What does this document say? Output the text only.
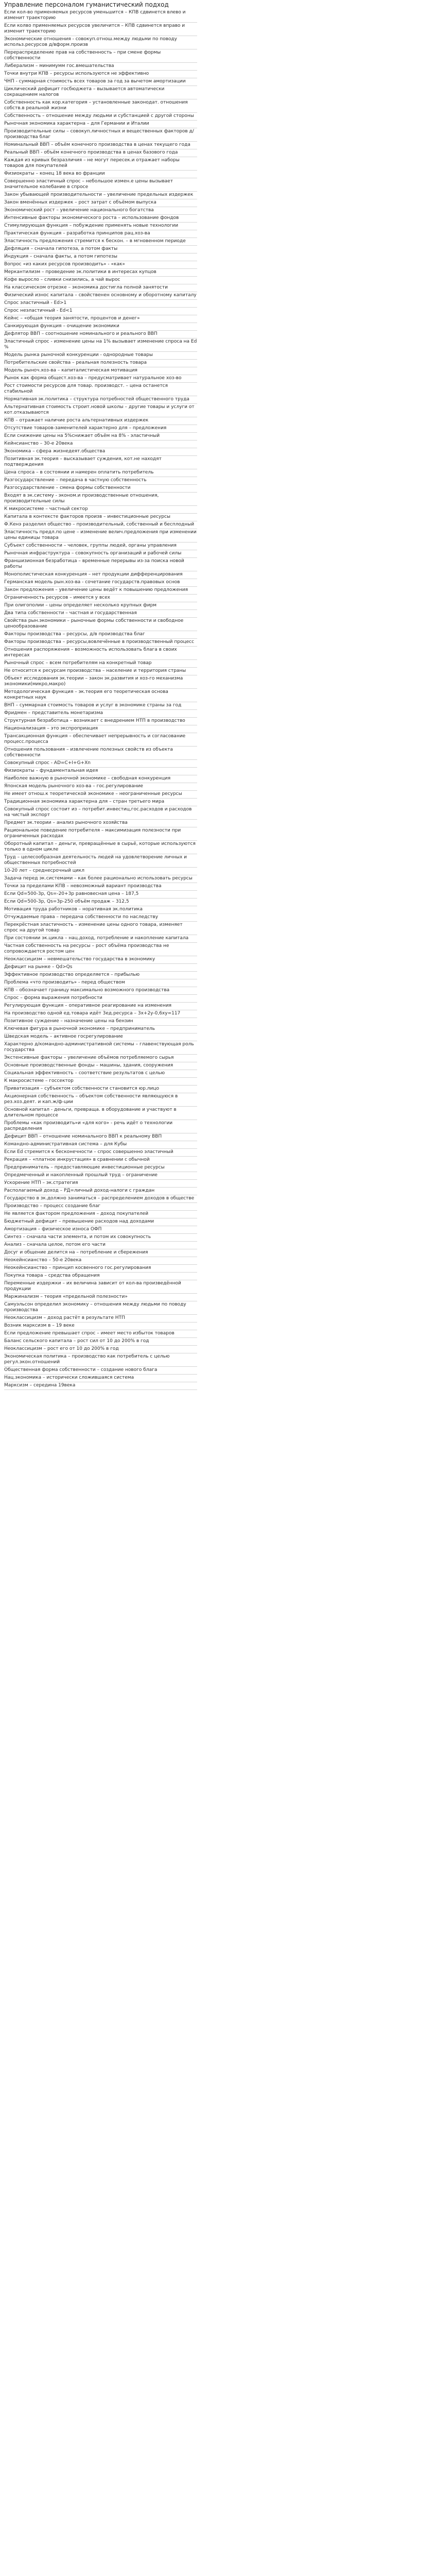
Управление персоналом гуманистический подход
Если кол-во применяемых ресурсов уменьшится – КПВ сдвинется влево и изменит траекторию
Если колво применяемых ресурсов увеличится – КПВ сдвинется вправо и изменит траекторию
Экономические отношения - совокуп.отнош.между людьми по поводу использ.ресурсов д/вформ.произв
Перераспределение прав на собственность – при смене формы собственности
Либерализм – минимумм гос.вмешательства
Точки внутри КПВ – ресурсы используются не эффективно
ЧНП - суммарная стоимость всех товаров за год за вычетом амортизации
Циклический дефицит госбюджета – вызывается автоматически сокращением налогов
Собственность как кор.категория – установленные законодат. отношения собств.в реальной жизни
Собственность – отношение между людьми и субстанцией с другой стороны
Рыночная экономика характерна – для Германии и Италии
Производительные силы – совокуп.личностных и вещественных факторов д/производства благ
Номинальный ВВП – объём конечного производства в ценах текущего года
Реальный ВВП - объём конечного производства в ценах базового года
Каждая из кривых безразличия – не могут пересек.и отражает наборы товаров для покупателей
Физиократы – конец 18 века во франции
Совершенно эластичный спрос – небольшое измен.е цены вызывает значительное колебание в спросе
Закон убывающей производительности – увеличение предельных издержек
Закон вменённых издержек – рост затрат с объёмом выпуска
Экономический рост – увеличение национального богатства
Интенсивные факторы экономического роста – использование фондов
Стимулирующая функция – побуждение применять новые технологии
Практическая функция – разработка принципов рац.хоз-ва
Эластичность предложения стремится к бескон. – в мгновенном периоде
Дефляция – сначала гипотеза, а потом факты
Индукция – сначала факты, а потом гипотезы
Вопрос «из каких ресурсов производить» - «как»
Меркантилизм – проведение эк.политики в интересах купцов
Кофе выросло – сливки снизились, а чай вырос
На классическом отрезке – экономика достигла полной занятости
Физический износ капитала – свойственен основному и оборотному капиталу
Спрос эластичный - Ed>1
Спрос неэластичный - Ed<1
Кейнс – «общая теория занятости, процентов и денег»
Санкирующая функция – очищение экономики
Дефлятор ВВП – соотношение номинального и реального ВВП
Эластичный спрос - изменение цены на 1% вызывает изменение спроса на Ed %
Модель рынка рыночной конкуренции - однородные товары
Потребительские свойства – реальная полезность товара
Модель рыноч.хоз-ва – капиталистическая мотивация
Рынок как форма общест.хоз-ва – предусматривает натуральное хоз-во
Рост стоимости ресурсов для товар. производст. – цена останется стабильной
Нормативная эк.политика – структура потребностей общественного труда
Альтернативная стоимость строит.новой школы – другие товары и услуги от кот.отказываются
КПВ – отражает наличие роста альтернативных издержек
Отсутствие товаров-заменителей характерно для – предложения
Если снижение цены на 5%снижает объём на 8% - эластичный
Кейнсианство – 30-е 20века
Экономика – сфера жизнедеят.общества
Позитивная эк.теория – высказывает суждения, кот.не находят подтверждения
Цена спроса – в состоянии и намерен оплатить потребитель
Разгосударствление – передача в частную собственность
Разгосударствление – смена формы собственности
Входят в эк.систему - эконом.и производственные отношения, производительные силы
К микросистеме – частный сектор
Капитала в контексте факторов произв – инвестиционные ресурсы
Ф.Кенэ разделил общество – производительный, собственный и бесплодный
Эластичность предл.по цене – изменение велич.предложения при изменении цены единицы товара
Субъект собственности – человек, группы людей, органы управления
Рыночная инфраструктура – совокупность организаций и рабочей силы
Франшизионная безработица – временные перерывы из-за поиска новой работы
Монополистическая конкуренция – нет продукции дифференцирования
Германская модель рын.хоз-ва - сочетание государств.правовых основ
Закон предложения – увеличение цены ведёт к повышению предложения
Ограниченность ресурсов – имеется у всех
При олигополии – цены определяет несколько крупных фирм
Два типа собственности – частная и государственная
Свойства рын.экономики – рыночные формы собственности и свободное ценообразование
Факторы производства – ресурсы, д/в производства благ
Факторы производства – ресурсы,вовлечённые в производственный процесс
Отношения распоряжения – возможность использовать блага в своих интересах
Рыночный спрос – всем потребителям на конкретный товар
Не относится к ресурсам производства – население и территория страны
Объект исследования эк.теории – закон эк.развития и хоз-го механизма экономики(микро,макро)
Методологическая функция – эк.теория его теоретическая основа конкретных наук
ВНП – суммарная стоимость товаров и услуг в экономике страны за год
Фридмен – представитель монетаризма
Структурная безработица – возникает с внедрением НТП в производство
Национализация – это экспроприация
Трансакционная функция – обеспечивает непрерывность и согласование процесс.процесса
Отношения пользования – извлечение полезных свойств из объекта собственности
Совокупный спрос - AD=C+I+G+Xn
Физиократы – фундаментальная идея
Наиболее важную в рыночной экономике – свободная конкуренция
Японская модель рыночного хоз-ва – гос.регулирование
Не имеет отнош.к теоретической экономике – неограниченные ресурсы
Традиционная экономика характерна для – стран третьего мира
Совокупный спрос состоит из – потребит.инвестиц,гос.расходов и расходов на чистый экспорт
Предмет эк.теории – анализ рыночного хозяйства
Рациональное поведение потребителя – максимизация полезности при ограниченных расходах
Оборотный капитал – деньги, превращённые в сырьё, которые используются только в одном цикле
Труд – целесообразная деятельность людей на удовлетворение личных и общественных потребностей
10-20 лет – среднесрочный цикл
Задача перед эк.системами – как более рационально использовать ресурсы
Точки за пределами КПВ – невозможный вариант производства
Если Qd=500-3p, Qs=-20+3p равновесная цена – 187,5
Если Qd=500-3p, Qs=3p-250 объём продаж – 312,5
Мотивация труда работников – норативная эк.политика
Отчуждаемые права – передача собственности по наследству
Перекрёстная эластичность – изменение цены одного товара, изменяет спрос на другой товар
При состоянии эк.цикла – нац.доход, потребление и накопление капитала
Частная собственность на ресурсы – рост объёма производства не сопровождается ростом цен
Неоклассицизм – невмешательство государства в экономику
Дефицит на рынке – Qd>Qs
Эффективное производство определяется – прибылью
Проблема «что производить» - перед обществом
КПВ – обозначает границу максимально возможного производства
Спрос – форма выражения потребности
Регулирующая функция – оперативное реагирование на изменения
На производство одной ед.товара идёт 3ед.ресурса – 3x+2y-0,6xy=117
Позитивное суждение – назначение цены на бензин
Ключевая фигура в рыночной экономике – предприниматель
Шведская модель – активное госрегулирование
Характерно д/командно-административной системы – главенствующая роль государства
Экстенсивные факторы – увеличение объёмов потребляемого сырья
Основные производственные фонды – машины, здания, сооружения
Социальная эффективность – соответствие результатов с целью
К макросистеме – госсектор
Приватизация – субъектом собственности становится юр.лицо
Акционерная собственность – объектом собственности являющуюся в рез.хоз.деят. и кап.ж/ф-ции
Основной капитал - деньги, превраща. в оборудование и участвуют в длительном процессе
Проблемы «как производить»и «для кого» - речь идёт о технологии распределения
Дефицит ВВП – отношение номинального ВВП к реальному ВВП
Командно-административная система – для Кубы
Если Ed стремится к бесконечности – спрос совершенно эластичный
Рекрация – «платное инкрустация» в сравнении с обычной
Предприниматель – предоставляющие инвестиционные ресурсы
Опредмеченный и накопленный прошлый труд – ограничение
Ускорение НТП – эк.стратегия
Располагаемый доход – РД=личный доход-налоги с граждан
Государство в зк.должно заниматься – распределением доходов в обществе
Производство – процесс создание благ
Не является фактором предложения – доход покупателей
Бюджетный дефицит – превышение расходов над доходами
Амортизация – физическое износа ОФП
Синтез – сначала части элемента, и потом их совокупность
Анализ – сначала целое, потом его части
Досуг и общение делится на – потребление и сбережения
Неокейнсианство – 50-е 20века
Неокейнсианство – принцип косвенного гос.регулирования
Покупка товара – средства обращения
Переменные издержки – их величина зависит от кол-ва произведённой продукции
Маржинализм – теория «предельной полезности»
Самуэльсон определил экономику – отношения между людьми по поводу производства
Неоклассицизм – доход растёт в результате НТП
Возник марксизм в – 19 веке
Если предложение превышает спрос – имеет место избыток товаров
Баланс сельского капитала – рост сил от 10 до 200% в год
Неоклассицизм – рост его от 10 до 200% в год
Экономическая политика – производство как потребитель с целью регул.экон.отношений
Общественная форма собственности – создание нового блага
Нац.экономика – исторически сложившаяся система
Марксизм – середина 19века
